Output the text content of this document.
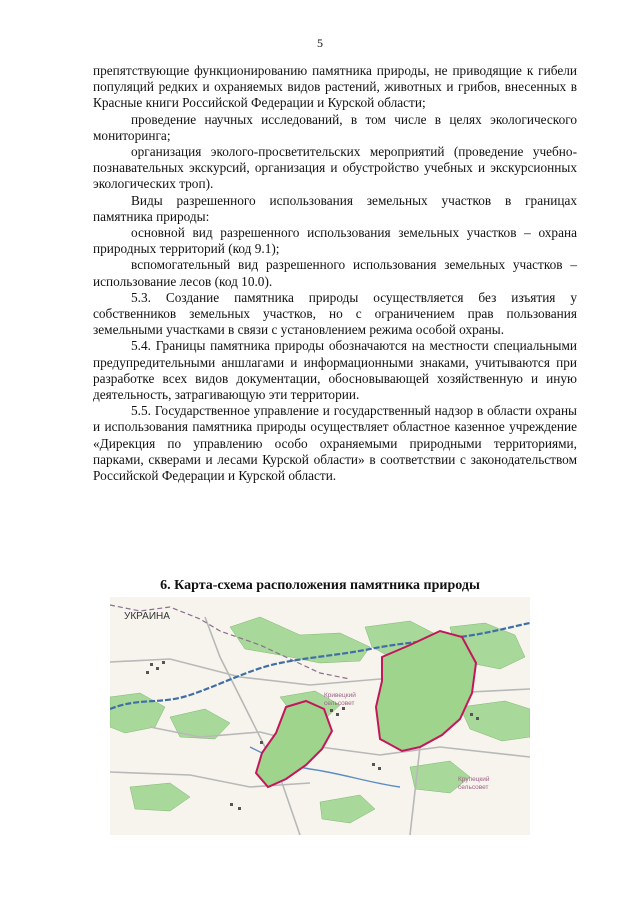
5

препятствующие функционированию памятника природы, не приводящие к гибели популяций редких и охраняемых видов растений, животных и грибов, внесенных в Красные книги Российской Федерации и Курской области;

проведение научных исследований, в том числе в целях экологического мониторинга;

организация эколого-просветительских мероприятий (проведение учебно-познавательных экскурсий, организация и обустройство учебных и экскурсионных экологических троп).

Виды разрешенного использования земельных участков в границах памятника природы:

основной вид разрешенного использования земельных участков – охрана природных территорий (код 9.1);

вспомогательный вид разрешенного использования земельных участков – использование лесов (код 10.0).

5.3. Создание памятника природы осуществляется без изъятия у собственников земельных участков, но с ограничением прав пользования земельными участками в связи с установлением режима особой охраны.

5.4. Границы памятника природы обозначаются на местности специальными предупредительными аншлагами и информационными знаками, учитываются при разработке всех видов документации, обосновывающей хозяйственную и иную деятельность, затрагивающую эти территории.

5.5. Государственное управление и государственный надзор в области охраны и использования памятника природы осуществляет областное казенное учреждение «Дирекция по управлению особо охраняемыми природными территориями, парками, скверами и лесами Курской области» в соответствии с законодательством Российской Федерации и Курской области.

6. Карта-схема расположения памятника природы
УКРАИНА
Кривецкий
сельсовет
Крупецкий
сельсовет
